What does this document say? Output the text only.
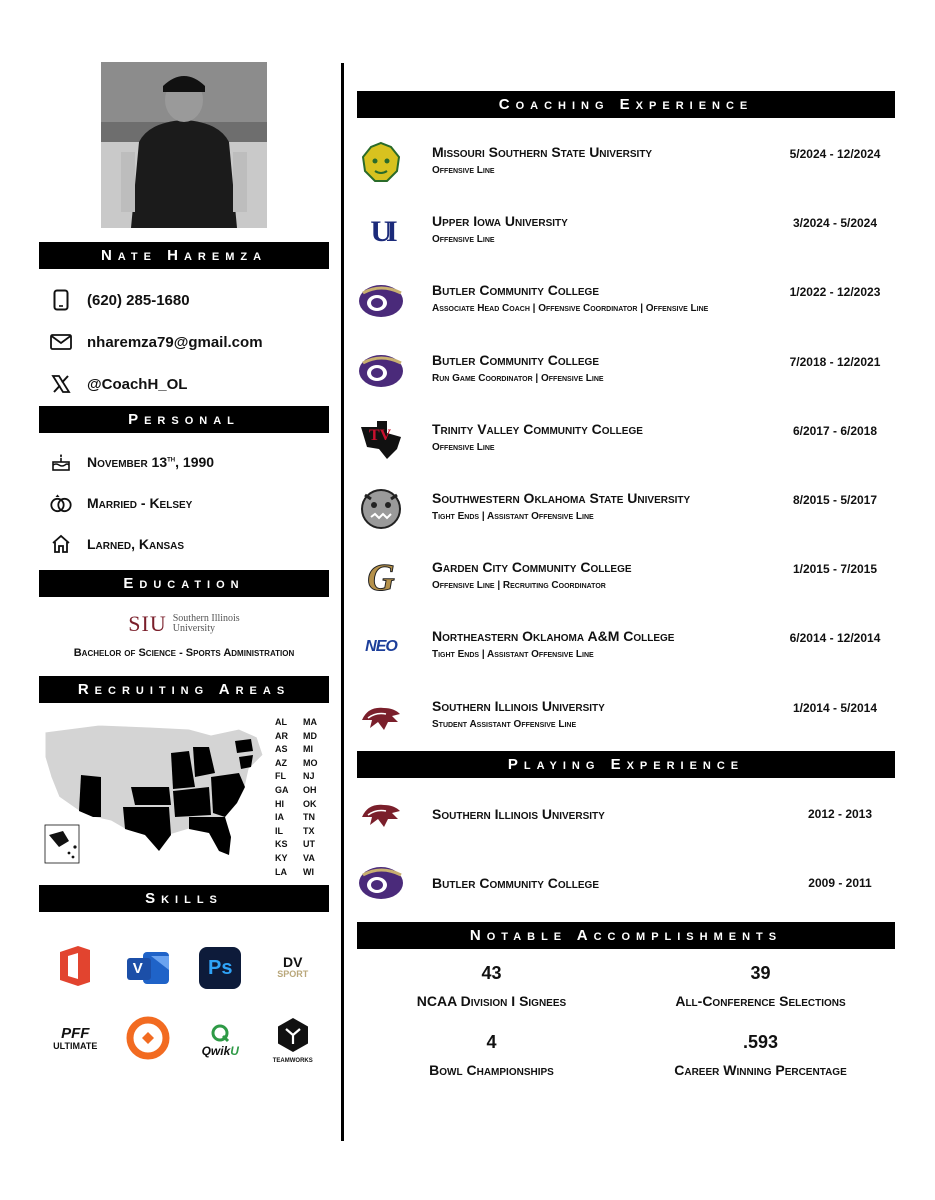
Nate Haremza
(620) 285-1680
nharemza79@gmail.com
@CoachH_OL
Personal
November 13th, 1990
Married - Kelsey
Larned, Kansas
Education
SIU Southern Illinois
University
Bachelor of Science - Sports Administration
Recruiting Areas
AL	MA
AR	MD
AS	MI
AZ	MO
FL	NJ
GA	OH
HI	OK
IA	TN
IL	TX
KS	UT
KY	VA
LA	WI
Skills
V	Ps	DV
SPORT
PFF
ULTIMATE	QwikU
TEAMWORKS
Coaching Experience
Missouri Southern State University
Offensive Line
5/2024 - 12/2024
UI	Upper Iowa University
Offensive Line
3/2024 - 5/2024
Butler Community College
Associate Head Coach | Offensive Coordinator | Offensive Line
1/2022 - 12/2023
Butler Community College
Run Game Coordinator | Offensive Line
7/2018 - 12/2021
TV	Trinity Valley Community College
Offensive Line
6/2017 - 6/2018
Southwestern Oklahoma State University
Tight Ends | Assistant Offensive Line
8/2015 - 5/2017
G	Garden City Community College
Offensive Line | Recruiting Coordinator
1/2015 - 7/2015
NEO
Northeastern Oklahoma A&M College
Tight Ends | Assistant Offensive Line
6/2014 - 12/2014
Southern Illinois University
Student Assistant Offensive Line
1/2014 - 5/2014
Playing Experience
Southern Illinois University	2012 - 2013
Butler Community College	2009 - 2011
Notable Accomplishments
43
NCAA Division I Signees
39
All-Conference Selections
4
Bowl Championships
.593
Career Winning Percentage
